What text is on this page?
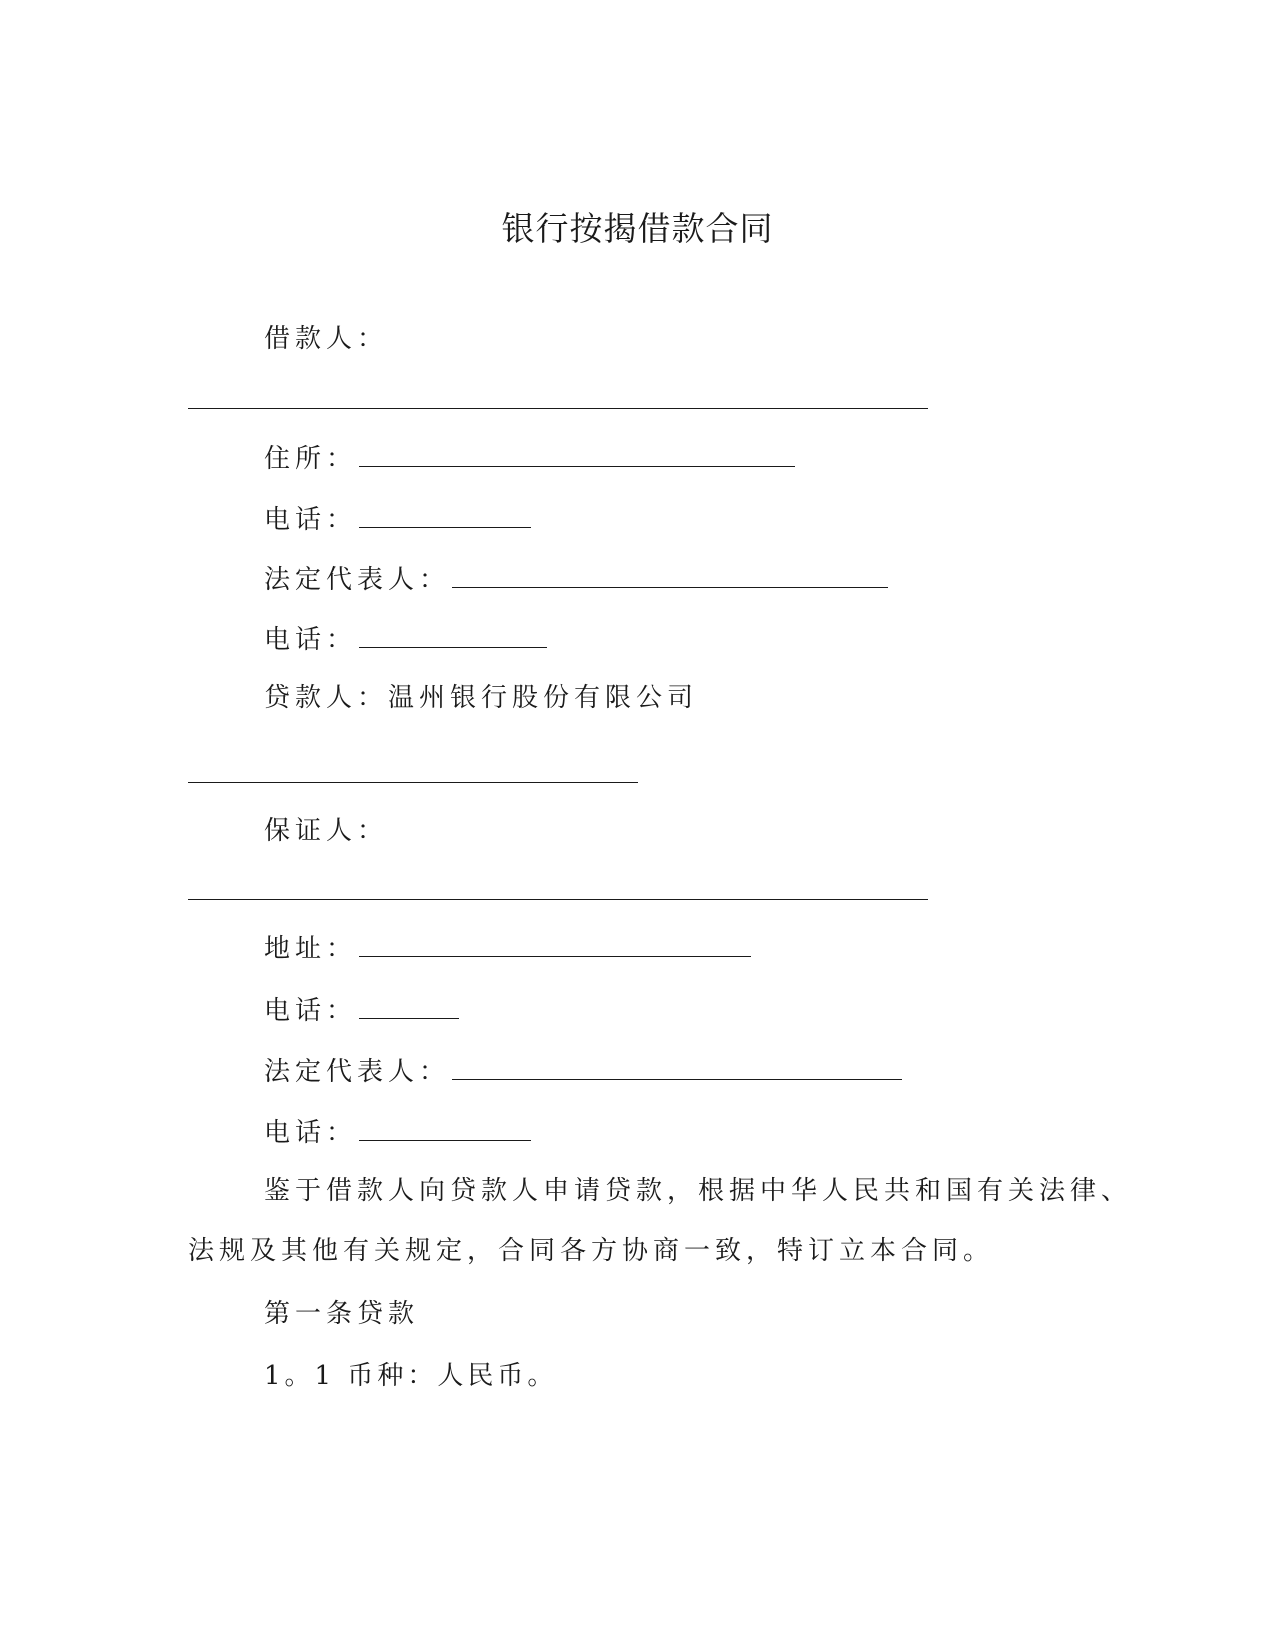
银行按揭借款合同
借款人：
住所：
电话：
法定代表人：
电话：
贷款人：温州银行股份有限公司
保证人：
地址：
电话：
法定代表人：
电话：
鉴于借款人向贷款人申请贷款，根据中华人民共和国有关法律、
法规及其他有关规定，合同各方协商一致，特订立本合同。
第一条贷款
1。1 币种：人民币。
